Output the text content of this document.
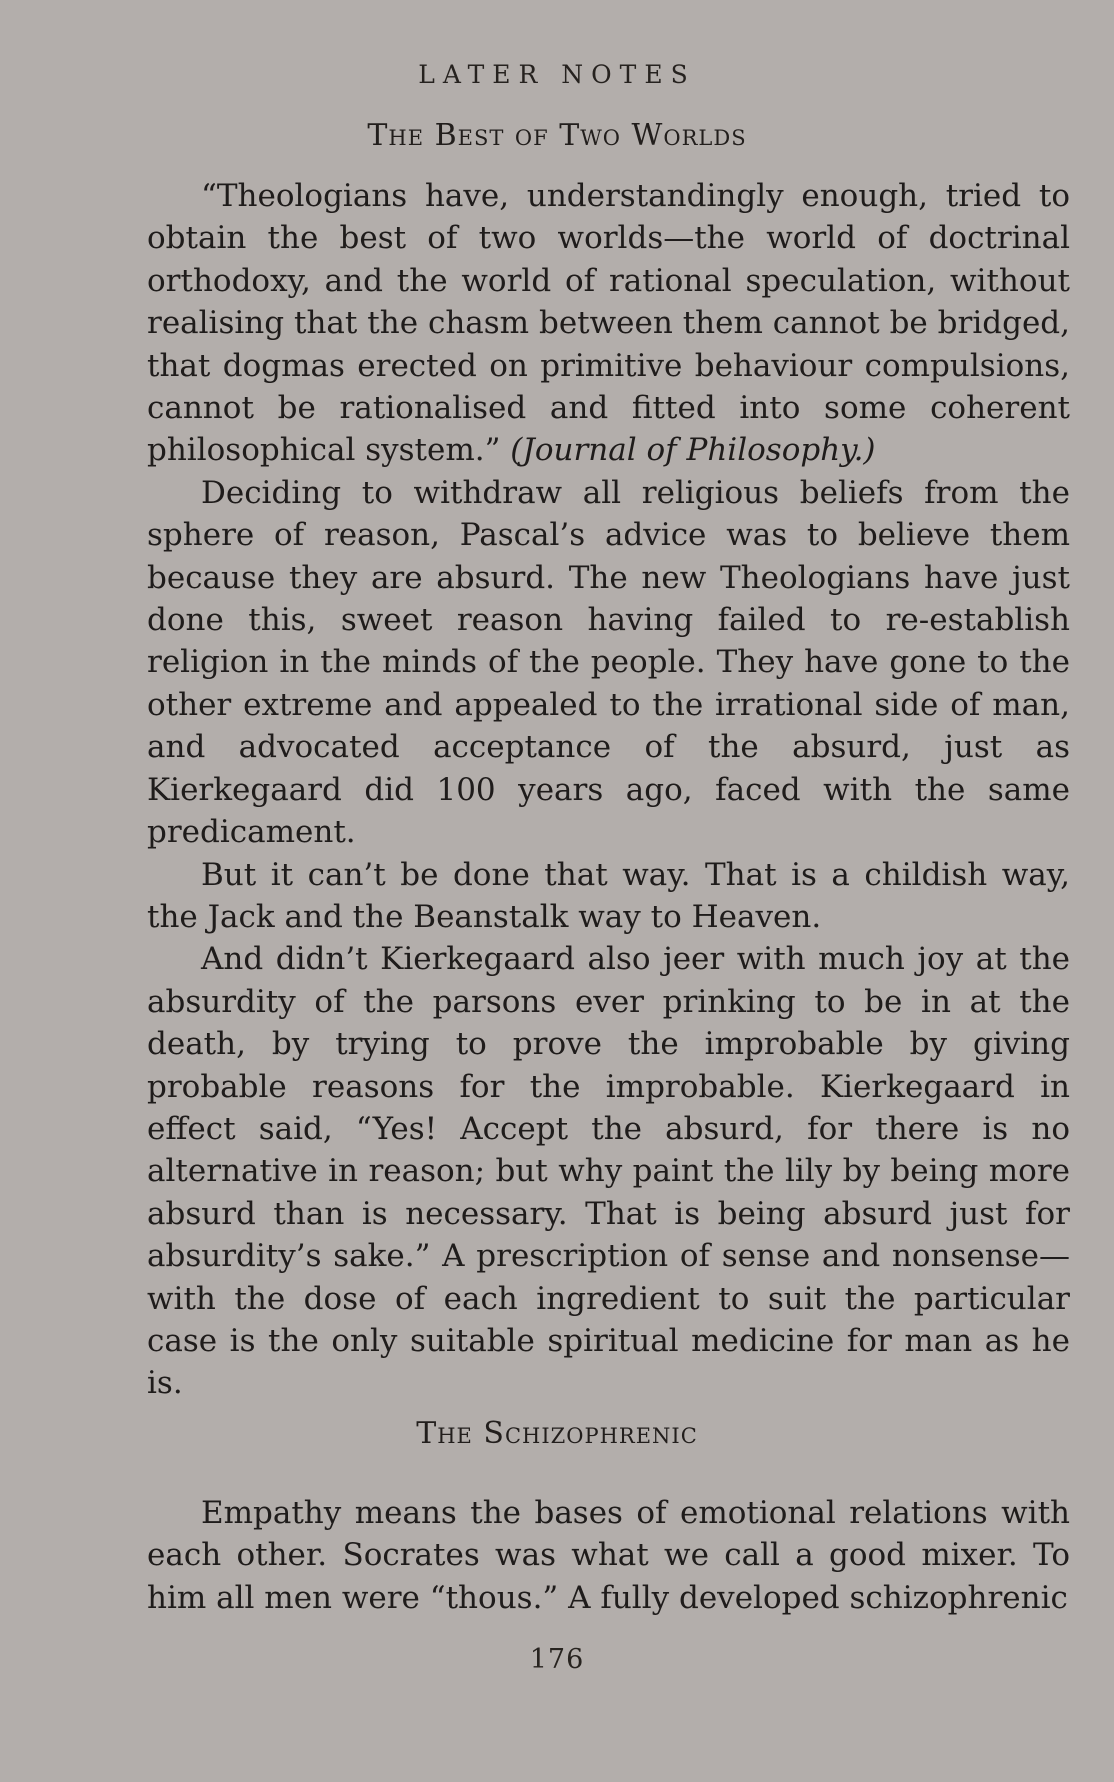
LATER NOTES
The Best of Two Worlds

“Theologians have, understandingly enough, tried to obtain the best of two worlds—the world of doctrinal orthodoxy, and the world of rational speculation, without realising that the chasm between them cannot be bridged, that dogmas erected on primitive behaviour compulsions, cannot be rationalised and fitted into some coherent philosophical system.” (Journal of Philosophy.)

Deciding to withdraw all religious beliefs from the sphere of reason, Pascal’s advice was to believe them because they are absurd. The new Theologians have just done this, sweet reason having failed to re-establish religion in the minds of the people. They have gone to the other extreme and appealed to the irrational side of man, and advocated acceptance of the absurd, just as Kierkegaard did 100 years ago, faced with the same predicament.

But it can’t be done that way. That is a childish way, the Jack and the Beanstalk way to Heaven.

And didn’t Kierkegaard also jeer with much joy at the absurdity of the parsons ever prinking to be in at the death, by trying to prove the improbable by giving probable reasons for the improbable. Kierkegaard in effect said, “Yes! Accept the absurd, for there is no alternative in reason; but why paint the lily by being more absurd than is necessary. That is being absurd just for absurdity’s sake.” A prescription of sense and nonsense—with the dose of each ingredient to suit the particular case is the only suitable spiritual medicine for man as he is.

The Schizophrenic

Empathy means the bases of emotional relations with each other. Socrates was what we call a good mixer. To him all men were “thous.” A fully developed schizophrenic

176
